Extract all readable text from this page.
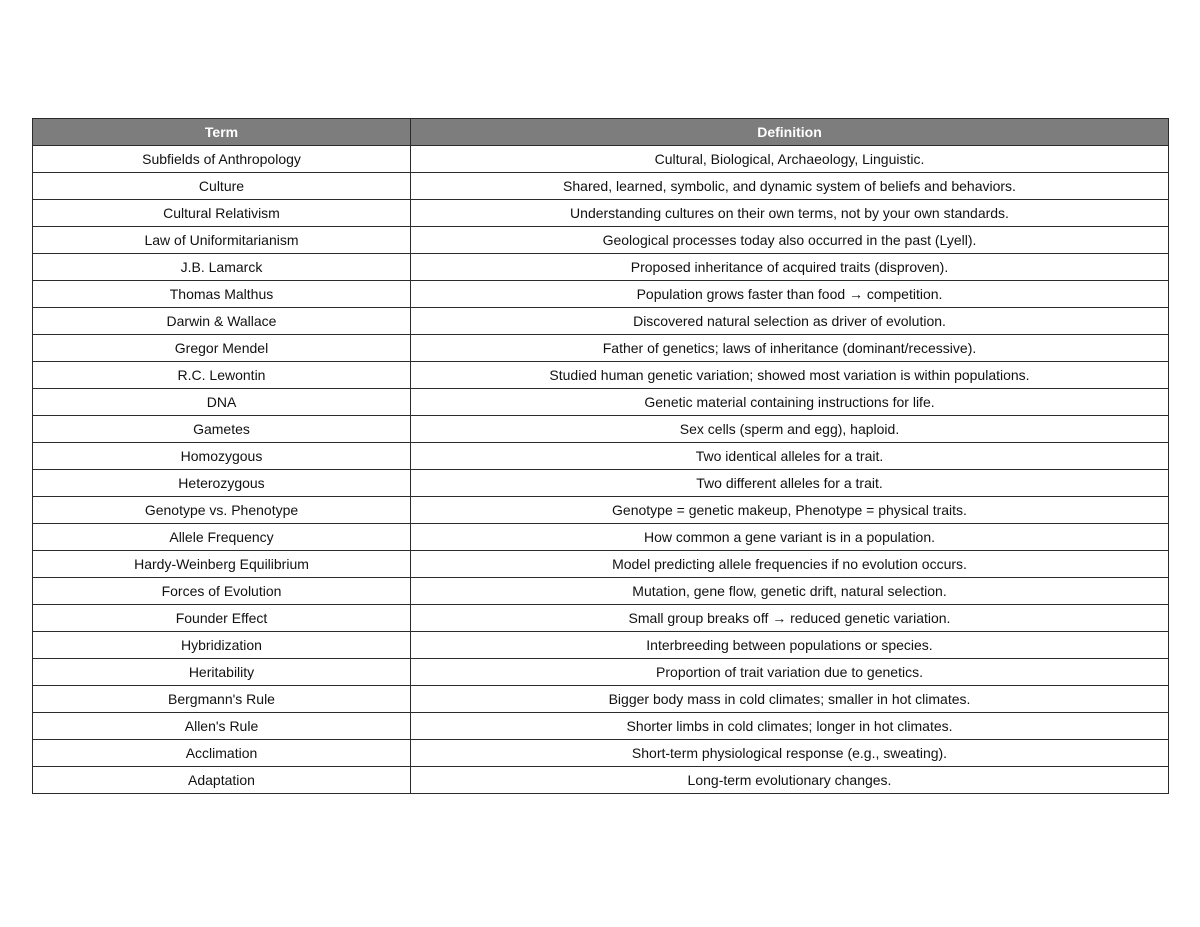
Term	Definition
Subfields of Anthropology	Cultural, Biological, Archaeology, Linguistic.
Culture	Shared, learned, symbolic, and dynamic system of beliefs and behaviors.
Cultural Relativism	Understanding cultures on their own terms, not by your own standards.
Law of Uniformitarianism	Geological processes today also occurred in the past (Lyell).
J.B. Lamarck	Proposed inheritance of acquired traits (disproven).
Thomas Malthus	Population grows faster than food → competition.
Darwin & Wallace	Discovered natural selection as driver of evolution.
Gregor Mendel	Father of genetics; laws of inheritance (dominant/recessive).
R.C. Lewontin	Studied human genetic variation; showed most variation is within populations.
DNA	Genetic material containing instructions for life.
Gametes	Sex cells (sperm and egg), haploid.
Homozygous	Two identical alleles for a trait.
Heterozygous	Two different alleles for a trait.
Genotype vs. Phenotype	Genotype = genetic makeup, Phenotype = physical traits.
Allele Frequency	How common a gene variant is in a population.
Hardy-Weinberg Equilibrium	Model predicting allele frequencies if no evolution occurs.
Forces of Evolution	Mutation, gene flow, genetic drift, natural selection.
Founder Effect	Small group breaks off → reduced genetic variation.
Hybridization	Interbreeding between populations or species.
Heritability	Proportion of trait variation due to genetics.
Bergmann's Rule	Bigger body mass in cold climates; smaller in hot climates.
Allen's Rule	Shorter limbs in cold climates; longer in hot climates.
Acclimation	Short-term physiological response (e.g., sweating).
Adaptation	Long-term evolutionary changes.
